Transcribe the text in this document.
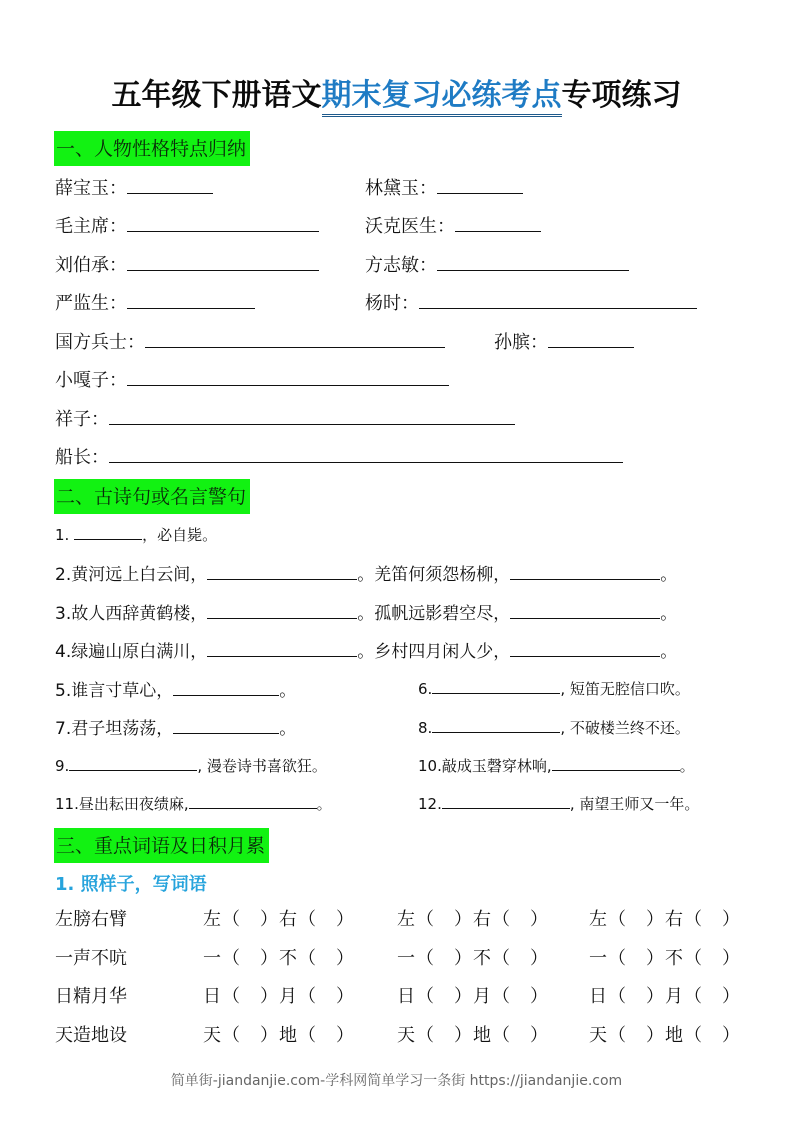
五年级下册语文期末复习必练考点专项练习
一、人物性格特点归纳
薛宝玉：	林黛玉：
毛主席：	沃克医生：
刘伯承：	方志敏：
严监生：	杨时：
国方兵士：	孙膑：
小嘎子：
祥子：
船长：
二、古诗句或名言警句
1.	，必自毙。
2.黄河远上白云间，	。羌笛何须怨杨柳，	。
3.故人西辞黄鹤楼，	。孤帆远影碧空尽，	。
4.绿遍山原白满川，	。乡村四月闲人少，	。
5.谁言寸草心，	。	6.	, 短笛无腔信口吹。
7.君子坦荡荡，	。	8.	, 不破楼兰终不还。
9.	, 漫卷诗书喜欲狂。	10.敲成玉磬穿林响,	。
11.昼出耘田夜绩麻,	。	12.	, 南望王师又一年。
三、重点词语及日积月累
1. 照样子，写词语
左膀右臂	左（　）右（　） 左（　）右（　） 左（　）右（　）
一声不吭	一（　）不（　） 一（　）不（　） 一（　）不（　）
日精月华	日（　）月（　） 日（　）月（　） 日（　）月（　）
天造地设	天（　）地（　） 天（　）地（　） 天（　）地（　）
简单街-jiandanjie.com-学科网简单学习一条街 https://jiandanjie.com
